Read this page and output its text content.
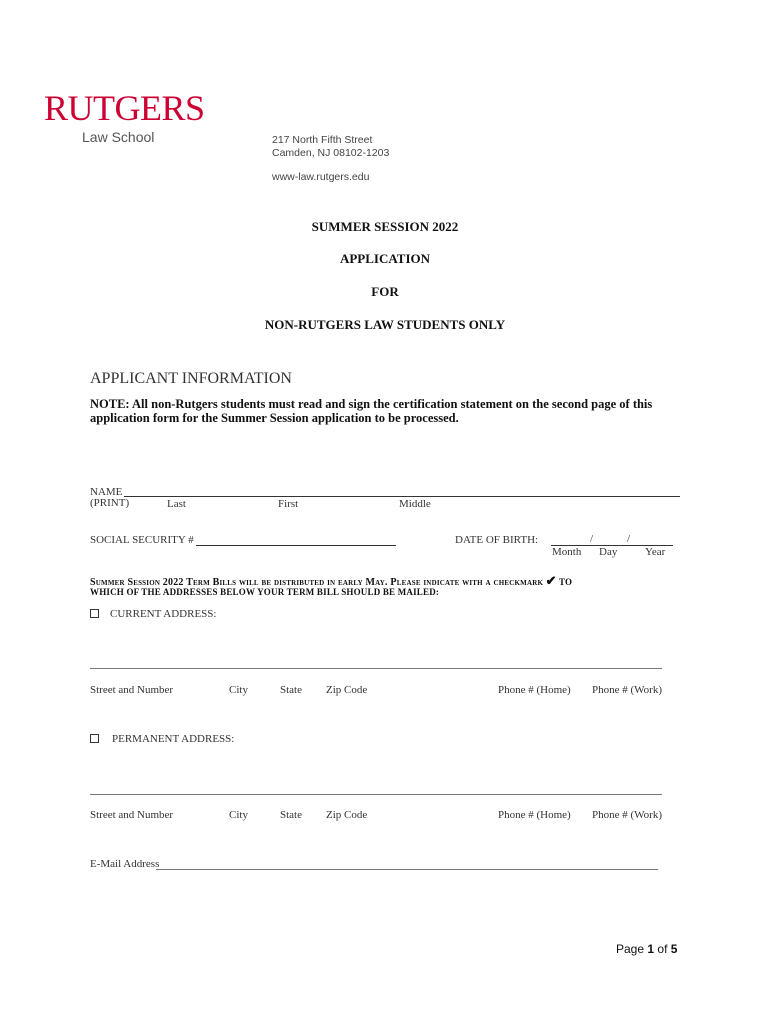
RUTGERS
Law School	217 North Fifth Street
Camden, NJ 08102-1203
www-law.rutgers.edu
SUMMER SESSION 2022
APPLICATION
FOR
NON-RUTGERS LAW STUDENTS ONLY
APPLICANT INFORMATION
NOTE: All non-Rutgers students must read and sign the certification statement on the second page of this application form for the Summer Session application to be processed.
NAME
(PRINT)	Last	First	Middle
SOCIAL SECURITY #	DATE OF BIRTH:	/	/
Month Day	Year
Summer Session 2022 Term Bills will be distributed in early May. Please indicate with a checkmark ✔ TO
WHICH OF THE ADDRESSES BELOW YOUR TERM BILL SHOULD BE MAILED:
CURRENT ADDRESS:
Street and Number	City	State Zip Code	Phone # (Home) Phone # (Work)
PERMANENT ADDRESS:
Street and Number	City	State Zip Code	Phone # (Home) Phone # (Work)
E-Mail Address
Page 1 of 5
